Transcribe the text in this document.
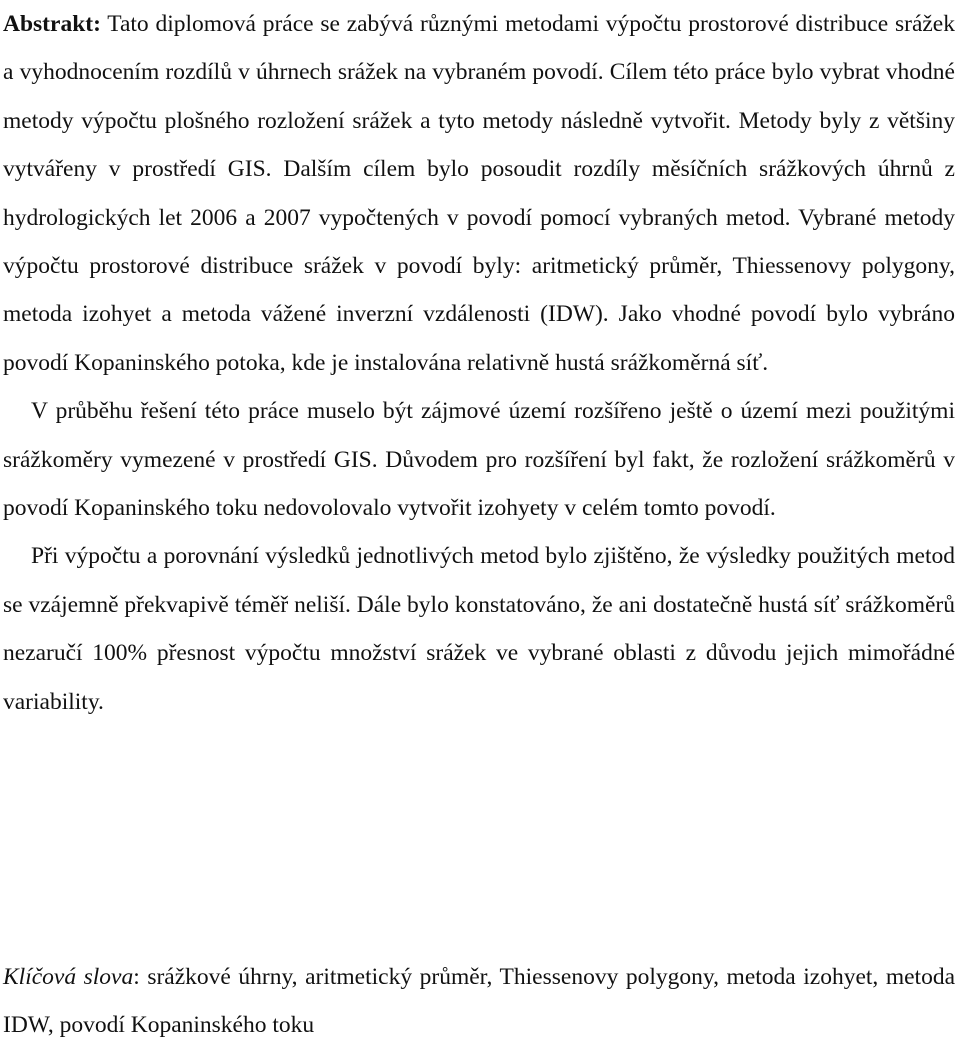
Abstrakt: Tato diplomová práce se zabývá různými metodami výpočtu prostorové distribuce srážek a vyhodnocením rozdílů v úhrnech srážek na vybraném povodí. Cílem této práce bylo vybrat vhodné metody výpočtu plošného rozložení srážek a tyto metody následně vytvořit. Metody byly z většiny vytvářeny v prostředí GIS. Dalším cílem bylo posoudit rozdíly měsíčních srážkových úhrnů z hydrologických let 2006 a 2007 vypočtených v povodí pomocí vybraných metod. Vybrané metody výpočtu prostorové distribuce srážek v povodí byly: aritmetický průměr, Thiessenovy polygony, metoda izohyet a metoda vážené inverzní vzdálenosti (IDW). Jako vhodné povodí bylo vybráno povodí Kopaninského potoka, kde je instalována relativně hustá srážkoměrná síť.

V průběhu řešení této práce muselo být zájmové území rozšířeno ještě o území mezi použitými srážkoměry vymezené v prostředí GIS. Důvodem pro rozšíření byl fakt, že rozložení srážkoměrů v povodí Kopaninského toku nedovolovalo vytvořit izohyety v celém tomto povodí.

Při výpočtu a porovnání výsledků jednotlivých metod bylo zjištěno, že výsledky použitých metod se vzájemně překvapivě téměř neliší. Dále bylo konstatováno, že ani dostatečně hustá síť srážkoměrů nezaručí 100% přesnost výpočtu množství srážek ve vybrané oblasti z důvodu jejich mimořádné variability.

Klíčová slova: srážkové úhrny, aritmetický průměr, Thiessenovy polygony, metoda izohyet, metoda IDW, povodí Kopaninského toku
